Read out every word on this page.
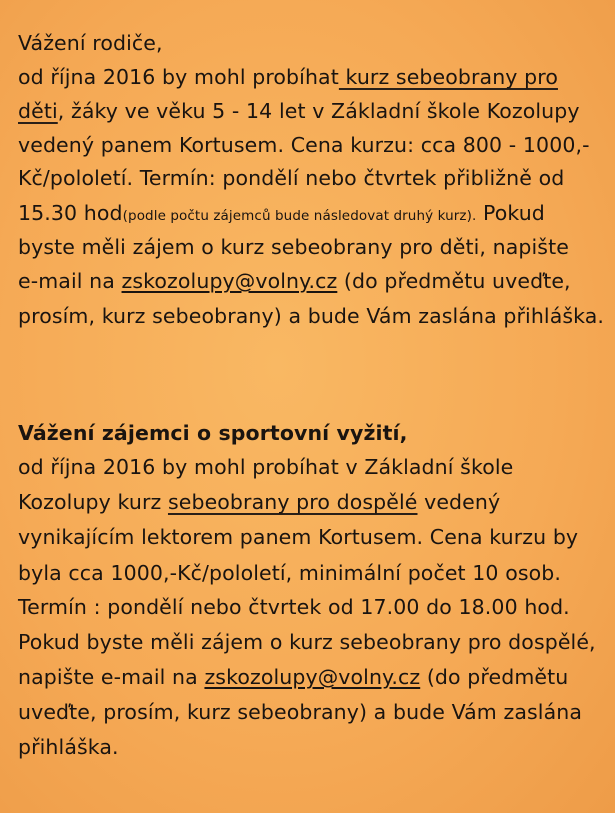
Vážení rodiče,
od října 2016 by mohl probíhat kurz sebeobrany pro
děti, žáky ve věku 5 - 14 let v Základní škole Kozolupy
vedený panem Kortusem. Cena kurzu: cca 800 - 1000,-
Kč/pololetí. Termín: pondělí nebo čtvrtek přibližně od
15.30 hod(podle počtu zájemců bude následovat druhý kurz). Pokud
byste měli zájem o kurz sebeobrany pro děti, napište
e-mail na zskozolupy@volny.cz (do předmětu uveďte,
prosím, kurz sebeobrany) a bude Vám zaslána přihláška.
Vážení zájemci o sportovní vyžití,
od října 2016 by mohl probíhat v Základní škole
Kozolupy kurz sebeobrany pro dospělé vedený
vynikajícím lektorem panem Kortusem. Cena kurzu by
byla cca 1000,-Kč/pololetí, minimální počet 10 osob.
Termín : pondělí nebo čtvrtek od 17.00 do 18.00 hod.
Pokud byste měli zájem o kurz sebeobrany pro dospělé,
napište e-mail na zskozolupy@volny.cz (do předmětu
uveďte, prosím, kurz sebeobrany) a bude Vám zaslána
přihláška.
